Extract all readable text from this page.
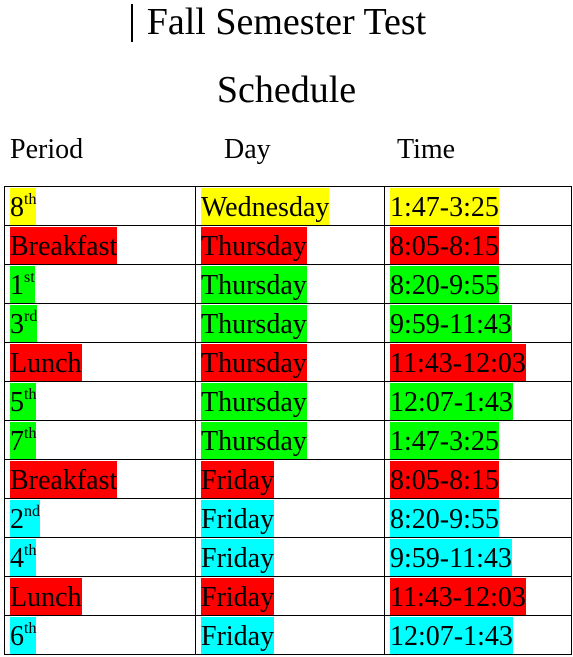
Fall Semester Test
Schedule
Period	Day	Time
8th	Wednesday	1:47-3:25
Breakfast	Thursday	8:05-8:15
1st	Thursday	8:20-9:55
3rd	Thursday	9:59-11:43
Lunch	Thursday	11:43-12:03
5th	Thursday	12:07-1:43
7th	Thursday	1:47-3:25
Breakfast	Friday	8:05-8:15
2nd	Friday	8:20-9:55
4th	Friday	9:59-11:43
Lunch	Friday	11:43-12:03
6th	Friday	12:07-1:43
